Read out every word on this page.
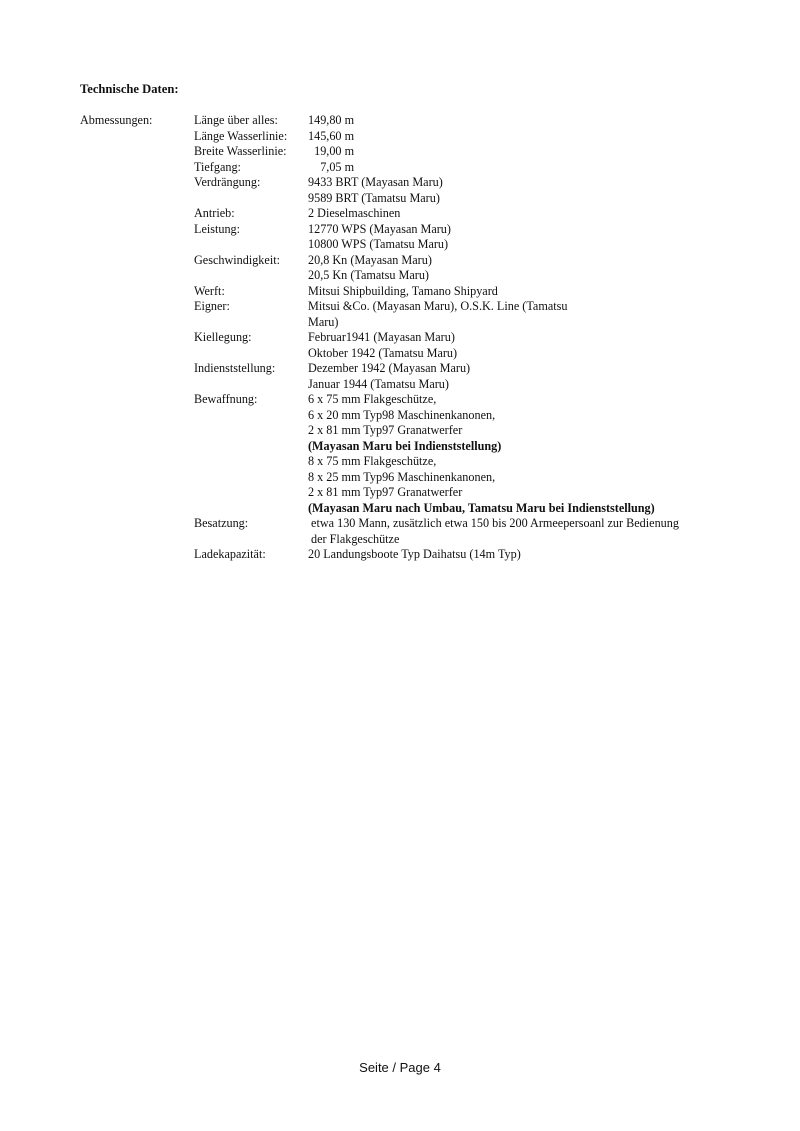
Technische Daten:
Abmessungen:	Länge über alles:	149,80 m
Länge Wasserlinie:	145,60 m
Breite Wasserlinie:	19,00 m
Tiefgang:	7,05 m
Verdrängung:	9433 BRT (Mayasan Maru)
9589 BRT (Tamatsu Maru)
Antrieb:	2 Dieselmaschinen
Leistung:	12770 WPS (Mayasan Maru)
10800 WPS (Tamatsu Maru)
Geschwindigkeit:	20,8 Kn (Mayasan Maru)
20,5 Kn (Tamatsu Maru)
Werft:	Mitsui Shipbuilding, Tamano Shipyard
Eigner:	Mitsui &Co. (Mayasan Maru), O.S.K. Line (Tamatsu
Maru)
Kiellegung:	Februar1941 (Mayasan Maru)
Oktober 1942 (Tamatsu Maru)
Indienststellung:	Dezember 1942 (Mayasan Maru)
Januar 1944 (Tamatsu Maru)
Bewaffnung:	6 x 75 mm Flakgeschütze,
6 x 20 mm Typ98 Maschinenkanonen,
2 x 81 mm Typ97 Granatwerfer
(Mayasan Maru bei Indienststellung)
8 x 75 mm Flakgeschütze,
8 x 25 mm Typ96 Maschinenkanonen,
2 x 81 mm Typ97 Granatwerfer
(Mayasan Maru nach Umbau, Tamatsu Maru bei Indienststellung)
Besatzung:	etwa 130 Mann, zusätzlich etwa 150 bis 200 Armeepersoanl zur Bedienung
der Flakgeschütze
Ladekapazität:	20 Landungsboote Typ Daihatsu (14m Typ)
Seite / Page 4
